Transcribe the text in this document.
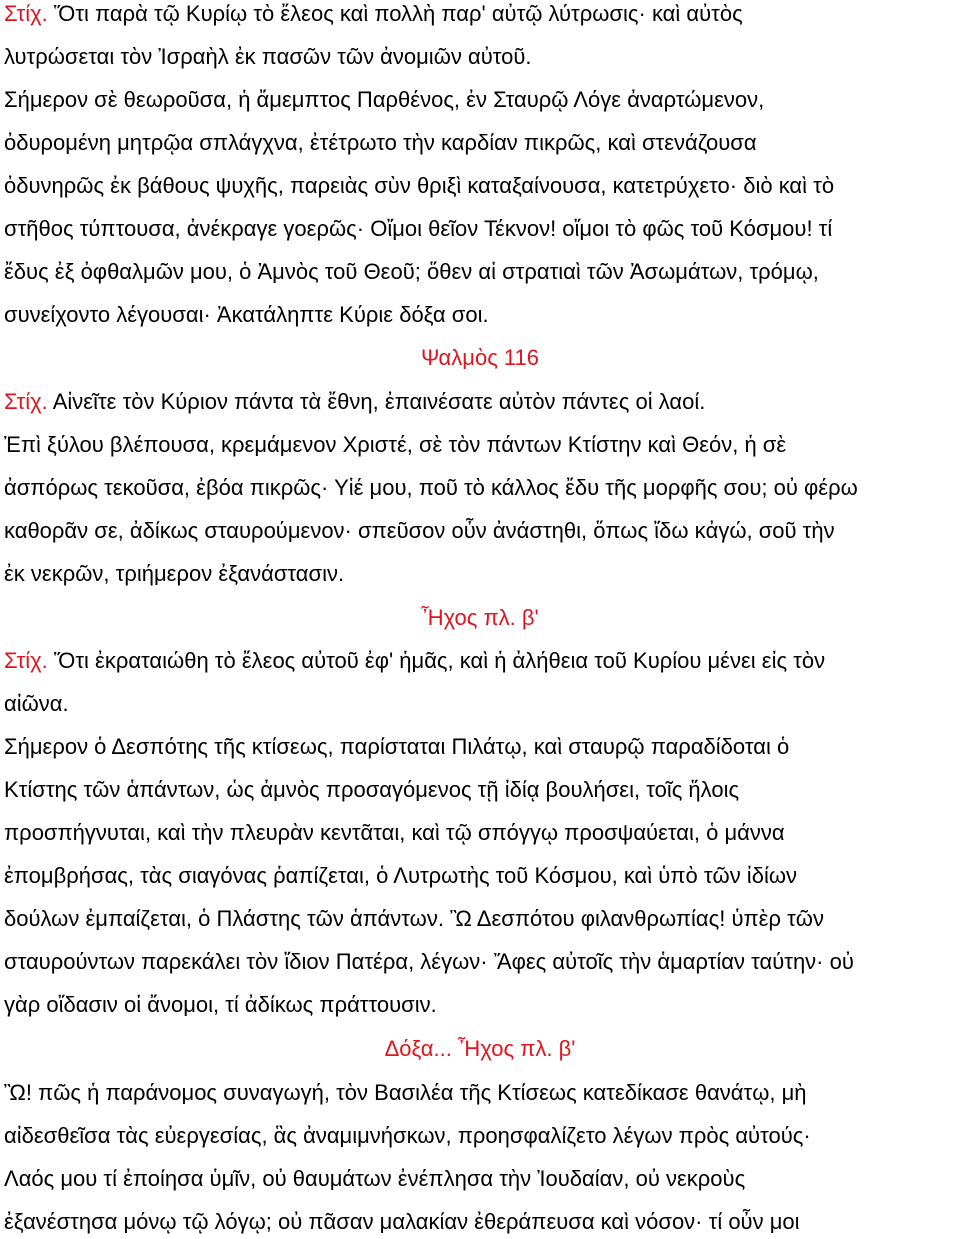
Στίχ. Ὅτι παρὰ τῷ Κυρίῳ τὸ ἔλεος καὶ πολλὴ παρ' αὐτῷ λύτρωσις· καὶ αὐτὸς

λυτρώσεται τὸν Ἰσραὴλ ἐκ πασῶν τῶν ἀνομιῶν αὐτοῦ.

Σήμερον σὲ θεωροῦσα, ἡ ἄμεμπτος Παρθένος, ἐν Σταυρῷ Λόγε ἀναρτώμενον,

ὀδυρομένη μητρῷα σπλάγχνα, ἐτέτρωτο τὴν καρδίαν πικρῶς, καὶ στενάζουσα

ὀδυνηρῶς ἐκ βάθους ψυχῆς, παρειὰς σὺν θριξὶ καταξαίνουσα, κατετρύχετο· διὸ καὶ τὸ

στῆθος τύπτουσα, ἀνέκραγε γοερῶς· Οἴμοι θεῖον Τέκνον! οἴμοι τὸ φῶς τοῦ Κόσμου! τί

ἔδυς ἐξ ὀφθαλμῶν μου, ὁ Ἀμνὸς τοῦ Θεοῦ; ὅθεν αἱ στρατιαὶ τῶν Ἀσωμάτων, τρόμῳ,

συνείχοντο λέγουσαι· Ἀκατάληπτε Κύριε δόξα σοι.

Ψαλμὸς 116

Στίχ. Αἰνεῖτε τὸν Κύριον πάντα τὰ ἔθνη, ἐπαινέσατε αὐτὸν πάντες οἱ λαοί.

Ἐπὶ ξύλου βλέπουσα, κρεμάμενον Χριστέ, σὲ τὸν πάντων Κτίστην καὶ Θεόν, ἡ σὲ

ἀσπόρως τεκοῦσα, ἐβόα πικρῶς· Υἱέ μου, ποῦ τὸ κάλλος ἔδυ τῆς μορφῆς σου; οὐ φέρω

καθορᾶν σε, ἀδίκως σταυρούμενον· σπεῦσον οὖν ἀνάστηθι, ὅπως ἴδω κἀγώ, σοῦ τὴν

ἐκ νεκρῶν, τριήμερον ἐξανάστασιν.

Ἦχος πλ. β'

Στίχ. Ὅτι ἐκραταιώθη τὸ ἔλεος αὐτοῦ ἐφ' ἡμᾶς, καὶ ἡ ἀλήθεια τοῦ Κυρίου μένει εἰς τὸν

αἰῶνα.

Σήμερον ὁ Δεσπότης τῆς κτίσεως, παρίσταται Πιλάτῳ, καὶ σταυρῷ παραδίδοται ὁ

Κτίστης τῶν ἁπάντων, ὡς ἀμνὸς προσαγόμενος τῇ ἰδίᾳ βουλήσει, τοῖς ἥλοις

προσπήγνυται, καὶ τὴν πλευρὰν κεντᾶται, καὶ τῷ σπόγγῳ προσψαύεται, ὁ μάννα

ἐπομβρήσας, τὰς σιαγόνας ῥαπίζεται, ὁ Λυτρωτὴς τοῦ Κόσμου, καὶ ὑπὸ τῶν ἰδίων

δούλων ἐμπαίζεται, ὁ Πλάστης τῶν ἁπάντων. Ὢ Δεσπότου φιλανθρωπίας! ὑπὲρ τῶν

σταυρούντων παρεκάλει τὸν ἴδιον Πατέρα, λέγων· Ἄφες αὐτοῖς τὴν ἁμαρτίαν ταύτην· οὐ

γὰρ οἴδασιν οἱ ἄνομοι, τί ἀδίκως πράττουσιν.

Δόξα... Ἦχος πλ. β'

Ὢ! πῶς ἡ παράνομος συναγωγή, τὸν Βασιλέα τῆς Κτίσεως κατεδίκασε θανάτῳ, μὴ

αἰδεσθεῖσα τὰς εὐεργεσίας, ἃς ἀναμιμνήσκων, προησφαλίζετο λέγων πρὸς αὐτούς·

Λαός μου τί ἐποίησα ὑμῖν, οὐ θαυμάτων ἐνέπλησα τὴν Ἰουδαίαν, οὐ νεκροὺς

ἐξανέστησα μόνῳ τῷ λόγῳ; οὐ πᾶσαν μαλακίαν ἐθεράπευσα καὶ νόσον· τί οὖν μοι
